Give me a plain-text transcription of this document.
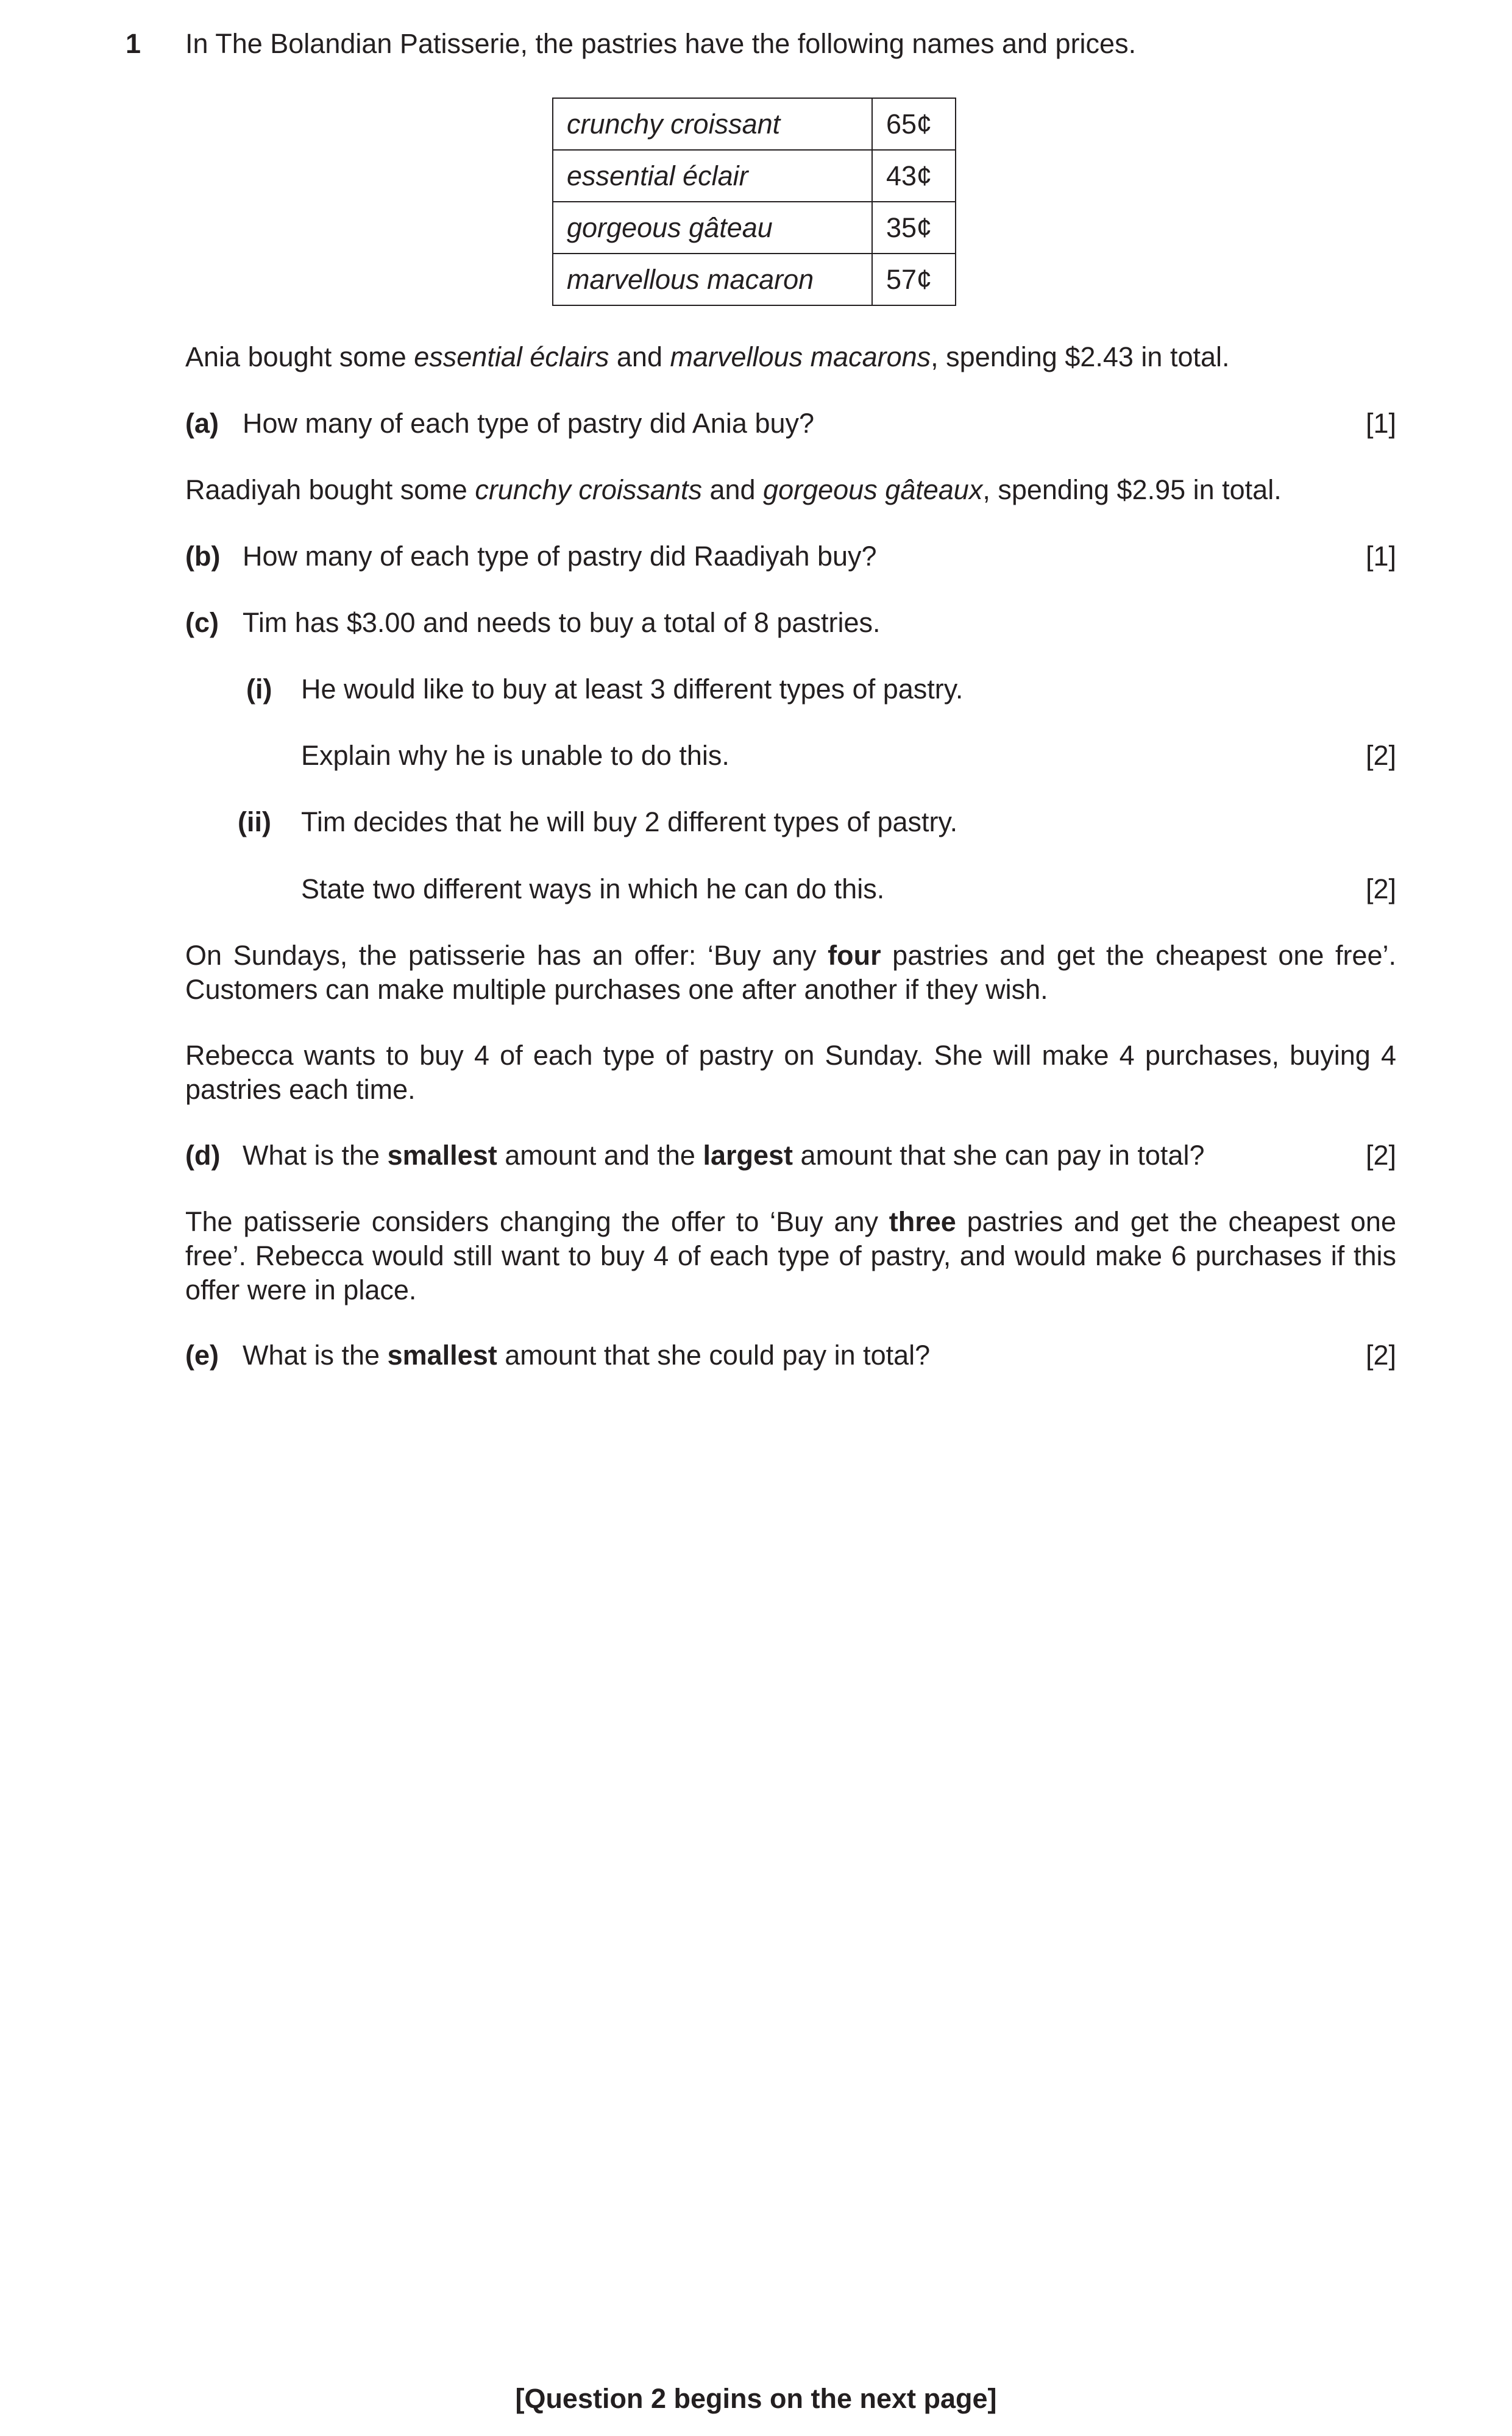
1 In The Bolandian Patisserie, the pastries have the following names and prices.
crunchy croissant	65¢
essential éclair	43¢
gorgeous gâteau	35¢
marvellous macaron	57¢
Ania bought some essential éclairs and marvellous macarons, spending $2.43 in total.
(a) How many of each type of pastry did Ania buy?	[1]
Raadiyah bought some crunchy croissants and gorgeous gâteaux, spending $2.95 in total.
(b) How many of each type of pastry did Raadiyah buy?	[1]
(c) Tim has $3.00 and needs to buy a total of 8 pastries.
(i) He would like to buy at least 3 different types of pastry.
Explain why he is unable to do this.	[2]
(ii) Tim decides that he will buy 2 different types of pastry.
State two different ways in which he can do this.	[2]
On Sundays, the patisserie has an offer: ‘Buy any four pastries and get the cheapest one free’. Customers can make multiple purchases one after another if they wish.
Rebecca wants to buy 4 of each type of pastry on Sunday. She will make 4 purchases, buying 4 pastries each time.
(d) What is the smallest amount and the largest amount that she can pay in total?	[2]
The patisserie considers changing the offer to ‘Buy any three pastries and get the cheapest one free’. Rebecca would still want to buy 4 of each type of pastry, and would make 6 purchases if this offer were in place.
(e) What is the smallest amount that she could pay in total?	[2]
[Question 2 begins on the next page]
